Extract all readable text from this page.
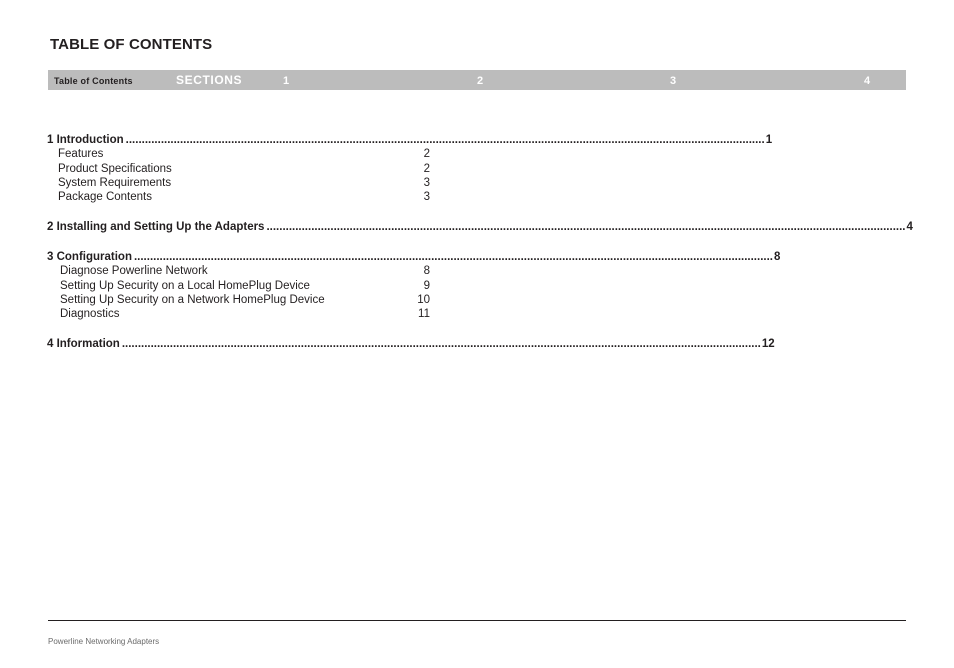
TABLE OF CONTENTS
Table of Contents	SECTIONS	1	2	3	4
1 Introduction ........................................................................................................................................................................................................ 1
Features	2
Product Specifications	2
System Requirements	3
Package Contents	3
2 Installing and Setting Up the Adapters ........................................................................................................................................................................................................ 4
3 Configuration ........................................................................................................................................................................................................ 8
Diagnose Powerline Network	8
Setting Up Security on a Local HomePlug Device	9
Setting Up Security on a Network HomePlug Device	10
Diagnostics	11
4 Information ........................................................................................................................................................................................................ 12
Powerline Networking Adapters
